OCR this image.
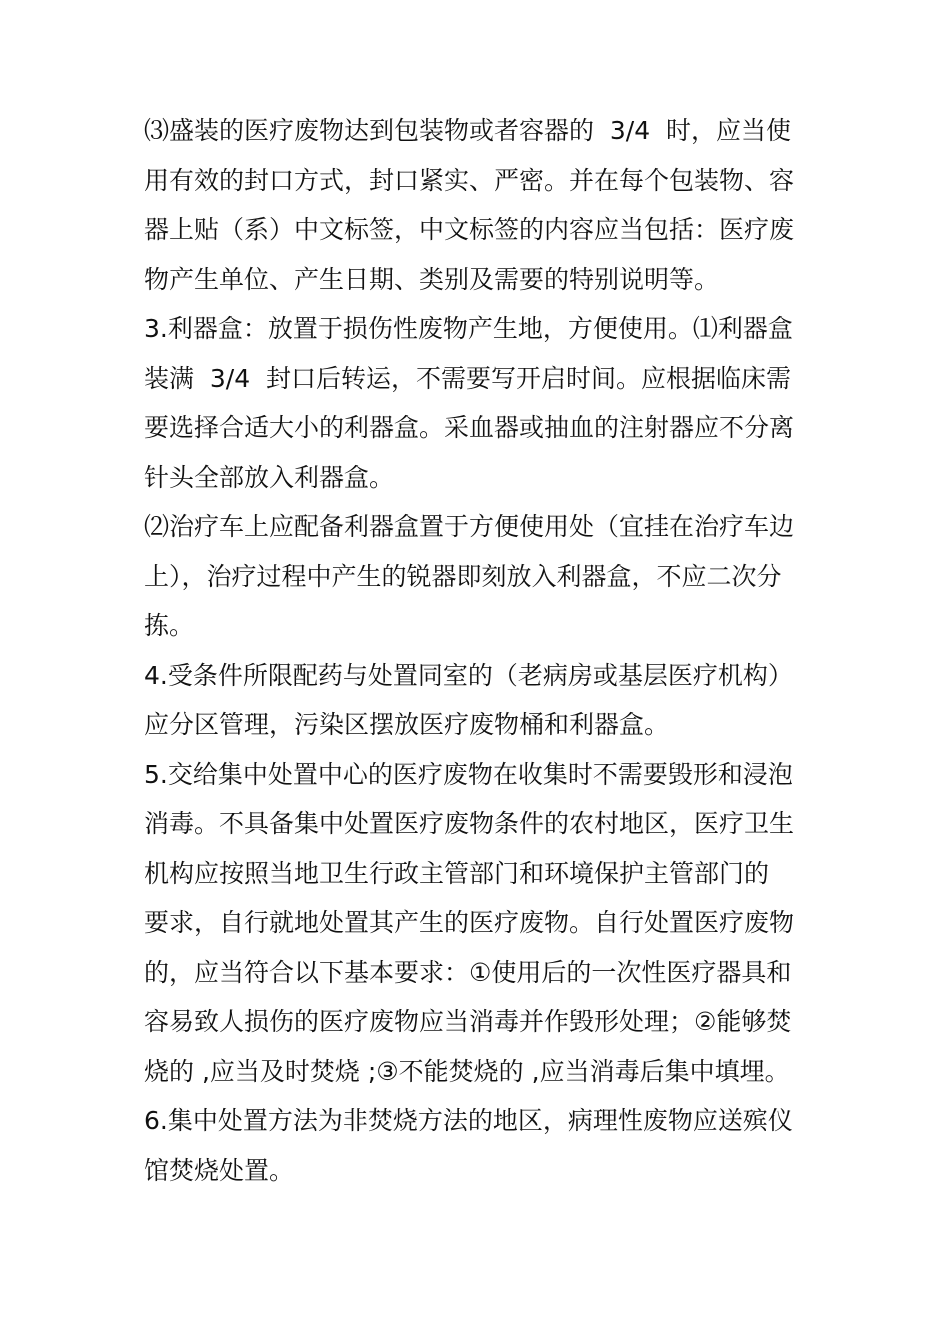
⑶盛装的医疗废物达到包装物或者容器的  3/4  时，应当使
用有效的封口方式，封口紧实、严密。并在每个包装物、容
器上贴（系）中文标签，中文标签的内容应当包括：医疗废
物产生单位、产生日期、类别及需要的特别说明等。
3.利器盒：放置于损伤性废物产生地，方便使用。⑴利器盒
装满  3/4  封口后转运，不需要写开启时间。应根据临床需
要选择合适大小的利器盒。采血器或抽血的注射器应不分离
针头全部放入利器盒。
⑵治疗车上应配备利器盒置于方便使用处（宜挂在治疗车边
上），治疗过程中产生的锐器即刻放入利器盒，不应二次分
拣。
4.受条件所限配药与处置同室的（老病房或基层医疗机构）
应分区管理，污染区摆放医疗废物桶和利器盒。
5.交给集中处置中心的医疗废物在收集时不需要毁形和浸泡
消毒。不具备集中处置医疗废物条件的农村地区，医疗卫生
机构应按照当地卫生行政主管部门和环境保护主管部门的
要求，自行就地处置其产生的医疗废物。自行处置医疗废物
的，应当符合以下基本要求：①使用后的一次性医疗器具和
容易致人损伤的医疗废物应当消毒并作毁形处理；②能够焚
烧的 ,应当及时焚烧 ;③不能焚烧的 ,应当消毒后集中填埋。
6.集中处置方法为非焚烧方法的地区，病理性废物应送殡仪
馆焚烧处置。
